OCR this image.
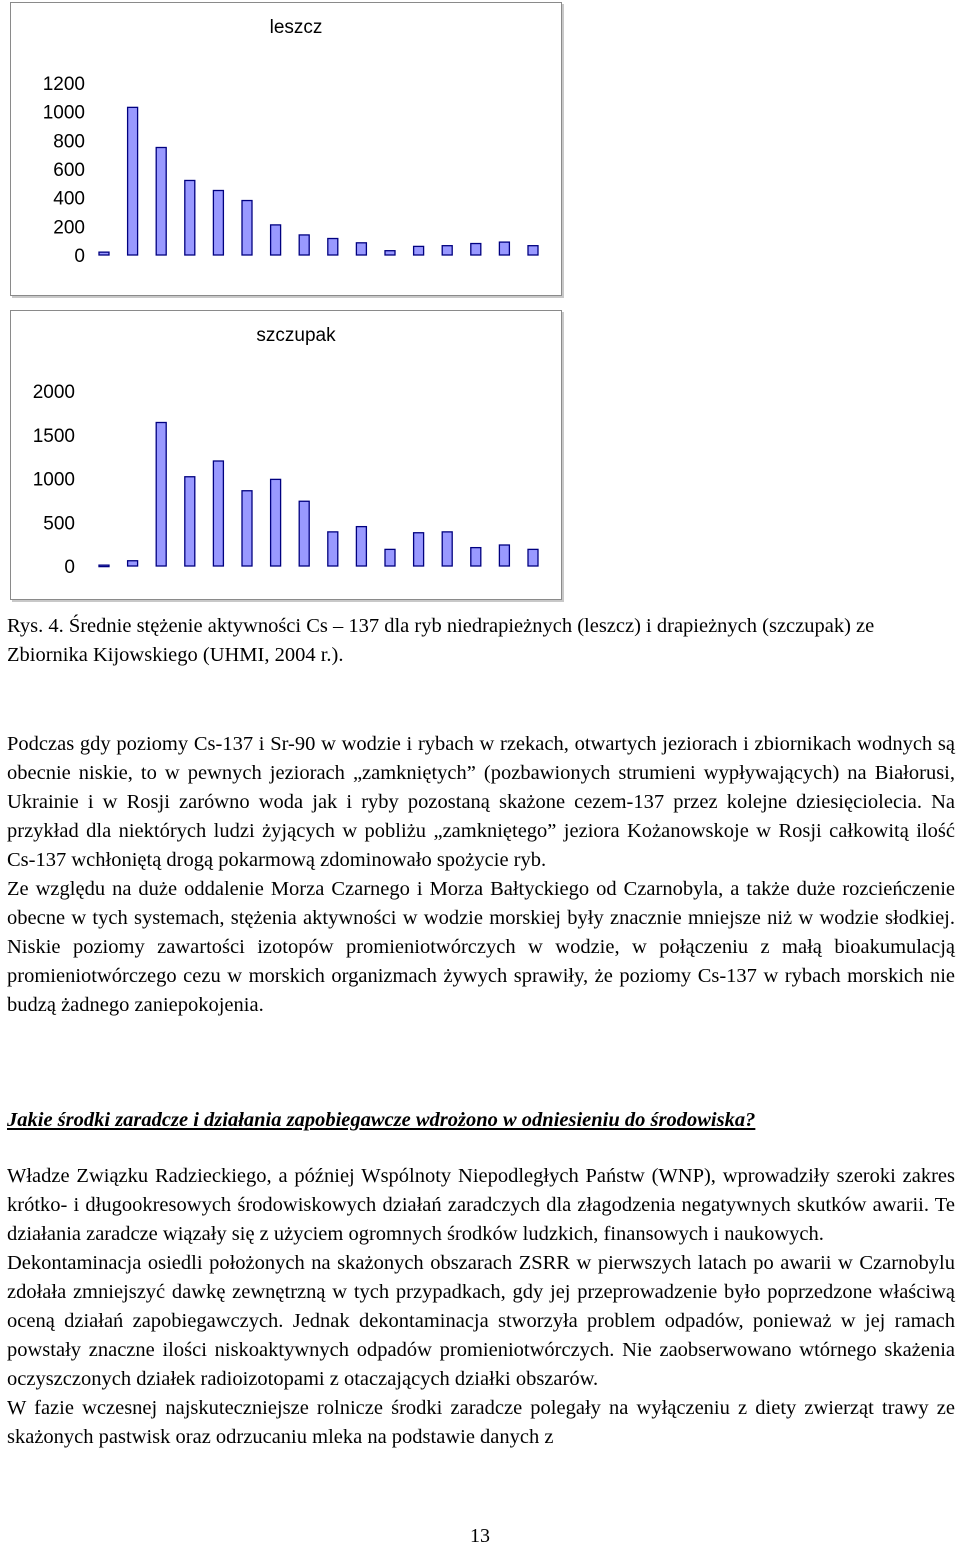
leszcz
1200
1000
800
600
400
200
0
szczupak
2000
1500
1000
500
0

Rys. 4. Średnie stężenie aktywności Cs – 137 dla ryb niedrapieżnych (leszcz) i drapieżnych (szczupak) ze Zbiornika Kijowskiego (UHMI, 2004 r.).

Podczas gdy poziomy Cs-137 i Sr-90 w wodzie i rybach w rzekach, otwartych jeziorach i zbiornikach wodnych są obecnie niskie, to w pewnych jeziorach „zamkniętych” (pozbawionych strumieni wypływających) na Białorusi, Ukrainie i w Rosji zarówno woda jak i ryby pozostaną skażone cezem-137 przez kolejne dziesięciolecia. Na przykład dla niektórych ludzi żyjących w pobliżu „zamkniętego” jeziora Kożanowskoje w Rosji całkowitą ilość Cs-137 wchłoniętą drogą pokarmową zdominowało spożycie ryb.

Ze względu na duże oddalenie Morza Czarnego i Morza Bałtyckiego od Czarnobyla, a także duże rozcieńczenie obecne w tych systemach, stężenia aktywności w wodzie morskiej były znacznie mniejsze niż w wodzie słodkiej. Niskie poziomy zawartości izotopów promieniotwórczych w wodzie, w połączeniu z małą bioakumulacją promieniotwórczego cezu w morskich organizmach żywych sprawiły, że poziomy Cs-137 w rybach morskich nie budzą żadnego zaniepokojenia.

Jakie środki zaradcze i działania zapobiegawcze wdrożono w odniesieniu do środowiska?

Władze Związku Radzieckiego, a później Wspólnoty Niepodległych Państw (WNP), wprowadziły szeroki zakres krótko- i długookresowych środowiskowych działań zaradczych dla złagodzenia negatywnych skutków awarii. Te działania zaradcze wiązały się z użyciem ogromnych środków ludzkich, finansowych i naukowych.

Dekontaminacja osiedli położonych na skażonych obszarach ZSRR w pierwszych latach po awarii w Czarnobylu zdołała zmniejszyć dawkę zewnętrzną w tych przypadkach, gdy jej przeprowadzenie było poprzedzone właściwą oceną działań zapobiegawczych. Jednak dekontaminacja stworzyła problem odpadów, ponieważ w jej ramach powstały znaczne ilości niskoaktywnych odpadów promieniotwórczych. Nie zaobserwowano wtórnego skażenia oczyszczonych działek radioizotopami z otaczających działki obszarów.

W fazie wczesnej najskuteczniejsze rolnicze środki zaradcze polegały na wyłączeniu z diety zwierząt trawy ze skażonych pastwisk oraz odrzucaniu mleka na podstawie danych z

13
